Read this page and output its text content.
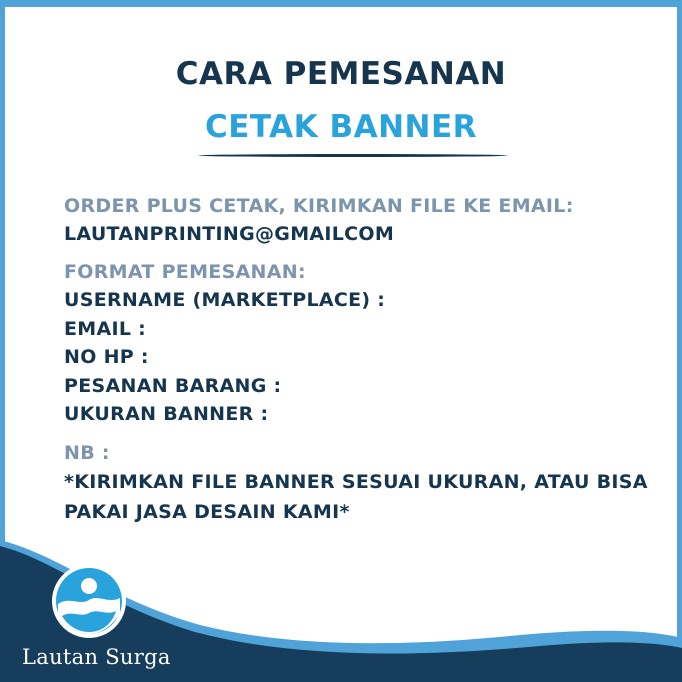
CARA PEMESANAN
CETAK BANNER
ORDER PLUS CETAK, KIRIMKAN FILE KE EMAIL:
LAUTANPRINTING@GMAILCOM
FORMAT PEMESANAN:
USERNAME (MARKETPLACE) :
EMAIL :
NO HP :
PESANAN BARANG :
UKURAN BANNER :
NB :
*KIRIMKAN FILE BANNER SESUAI UKURAN, ATAU BISA PAKAI JASA DESAIN KAMI*
Lautan Surga
